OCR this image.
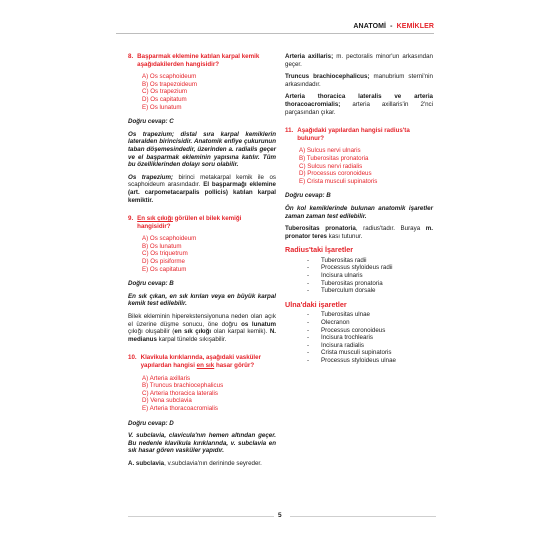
ANATOMİ - KEMİKLER
8. Başparmak eklemine katılan karpal kemik aşağıdakilerden hangisidir?
A) Os scaphoideum
B) Os trapezoideum
C) Os trapezium
D) Os capitatum
E) Os lunatum
Doğru cevap: C

Os trapezium; distal sıra karpal kemiklerin lateralden birincisidir. Anatomik enfiye çukurunun taban döşemesindedir, üzerinden a. radialis geçer ve el başparmak ekleminin yapısına katılır. Tüm bu özelliklerinden dolayı soru olabilir.

Os trapezium; birinci metakarpal kemik ile os scaphoideum arasındadır. El başparmağı eklemine (art. carpometacarpalis pollicis) katılan karpal kemiktir.

9. En sık çıkığı görülen el bilek kemiği hangisidir?
A) Os scaphoideum
B) Os lunatum
C) Os triquetrum
D) Os pisiforme
E) Os capitatum
Doğru cevap: B

En sık çıkan, en sık kırılan veya en büyük karpal kemik test edilebilir.

Bilek ekleminin hiperekstensiyonuna neden olan açık el üzerine düşme sonucu, öne doğru os lunatum çıkığı oluşabilir (en sık çıkığı olan karpal kemik). N. medianus karpal tünelde sıkışabilir.

10. Klavikula kırıklarında, aşağıdaki vasküler yapılardan hangisi en sık hasar görür?
A) Arteria axillaris
B) Truncus brachiocephalicus
C) Arteria thoracica lateralis
D) Vena subclavia
E) Arteria thoracoacromialis
Doğru cevap: D

V. subclavia, clavicula'nın hemen altından geçer. Bu nedenle klavikula kırıklarında, v. subclavia en sık hasar gören vasküler yapıdır.

A. subclavia, v.subclavia'nın derininde seyreder.

Arteria axillaris; m. pectoralis minor'un arkasından geçer.

Truncus brachiocephalicus; manubrium sterni'nin arkasındadır.

Arteria thoracica lateralis ve arteria thoracoacromialis; arteria axillaris'in 2'nci parçasından çıkar.

11. Aşağıdaki yapılardan hangisi radius'ta bulunur?
A) Sulcus nervi ulnaris
B) Tuberositas pronatoria
C) Sulcus nervi radialis
D) Processus coronoideus
E) Crista musculi supinatoris
Doğru cevap: B

Ön kol kemiklerinde bulunan anatomik işaretler zaman zaman test edilebilir.

Tuberositas pronatoria, radius'tadır. Buraya m. pronator teres kası tutunur.

Radius'taki İşaretler
- Tuberositas radii
- Processus styloideus radii
- Incisura ulnaris
- Tuberositas pronatoria
- Tuberculum dorsale
Ulna'daki işaretler
- Tuberositas ulnae
- Olecranon
- Processus coronoideus
- Incisura trochlearis
- Incisura radialis
- Crista musculi supinatoris
- Processus styloideus ulnae
5
